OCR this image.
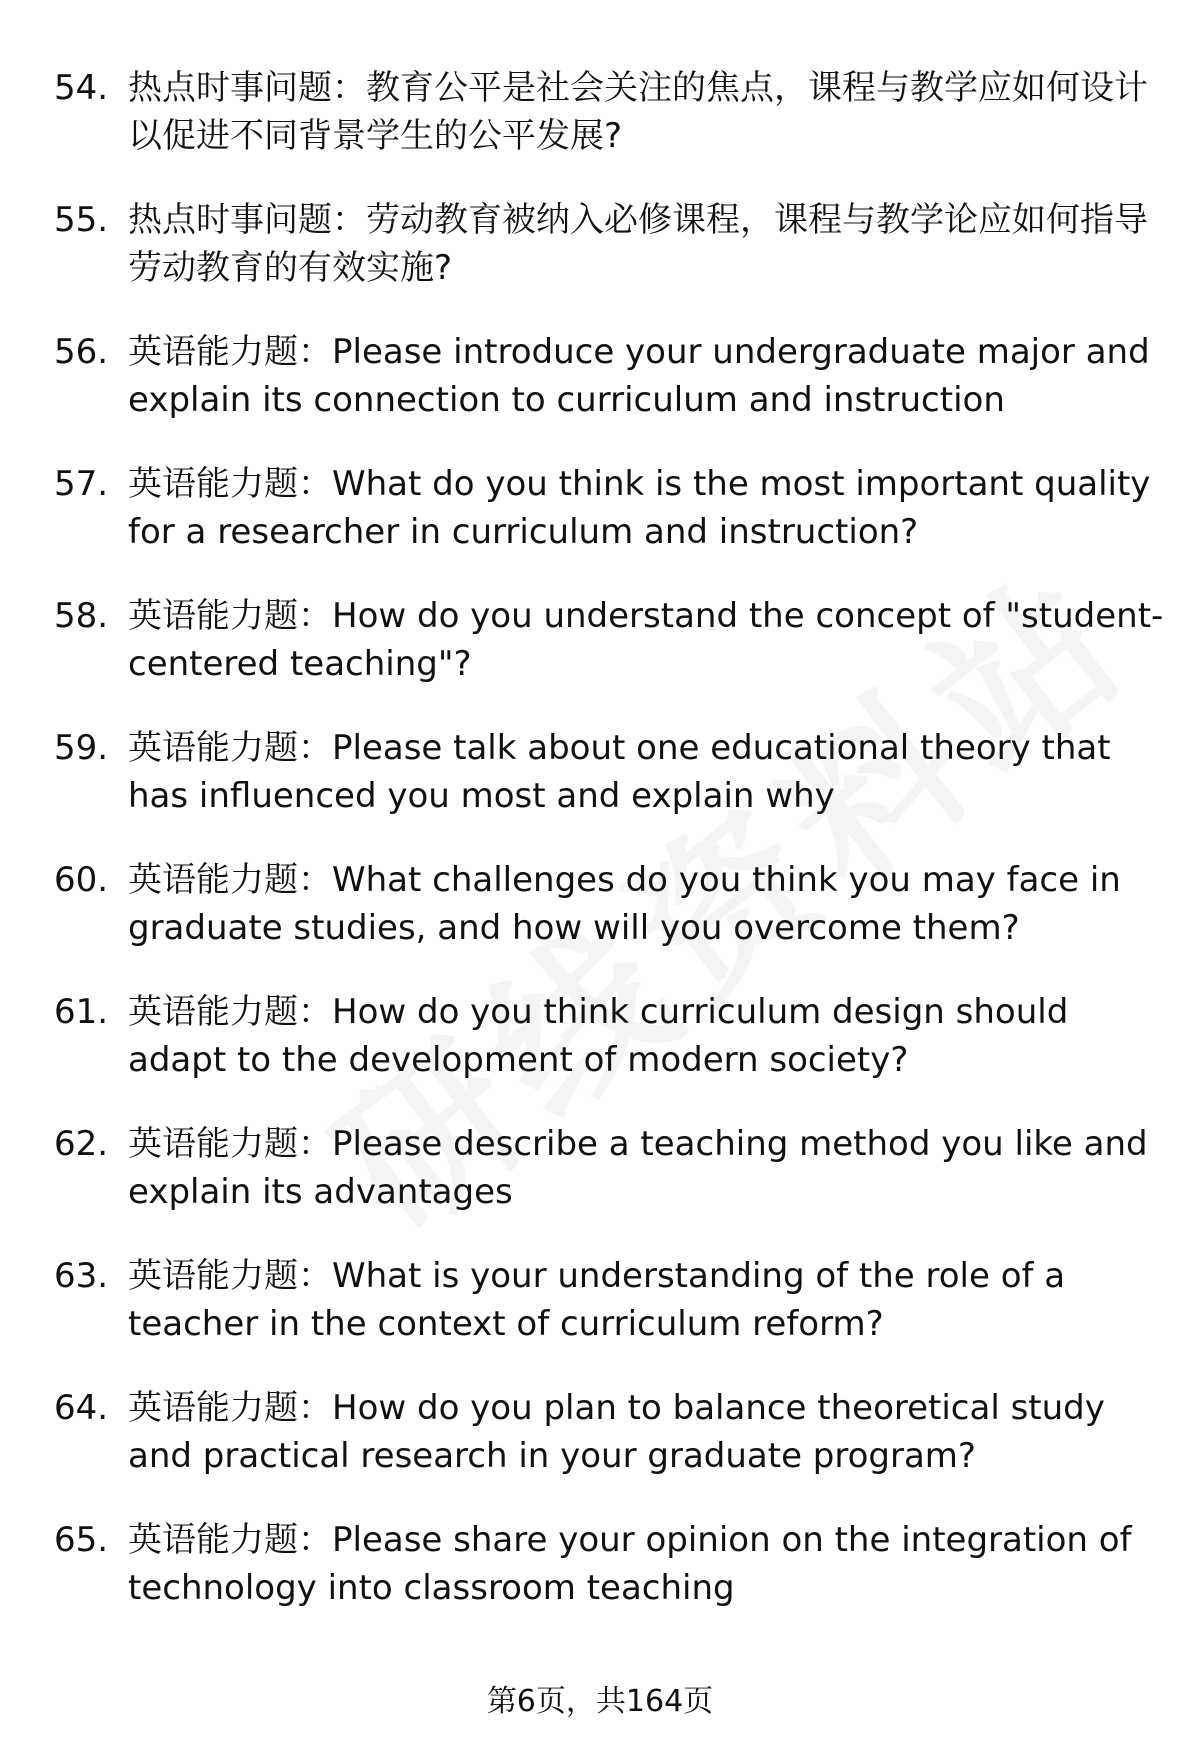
54. 热点时事问题：教育公平是社会关注的焦点，课程与教学应如何设计以促进不同背景学生的公平发展?
55. 热点时事问题：劳动教育被纳入必修课程，课程与教学论应如何指导劳动教育的有效实施?
56. 英语能力题：Please introduce your undergraduate major and explain its connection to curriculum and instruction
57. 英语能力题：What do you think is the most important quality for a researcher in curriculum and instruction?
58. 英语能力题：How do you understand the concept of "student-centered teaching"?
59. 英语能力题：Please talk about one educational theory that has influenced you most and explain why
60. 英语能力题：What challenges do you think you may face in graduate studies, and how will you overcome them?
61. 英语能力题：How do you think curriculum design should adapt to the development of modern society?
62. 英语能力题：Please describe a teaching method you like and explain its advantages
63. 英语能力题：What is your understanding of the role of a teacher in the context of curriculum reform?
64. 英语能力题：How do you plan to balance theoretical study and practical research in your graduate program?
65. 英语能力题：Please share your opinion on the integration of technology into classroom teaching
第6页，共164页
